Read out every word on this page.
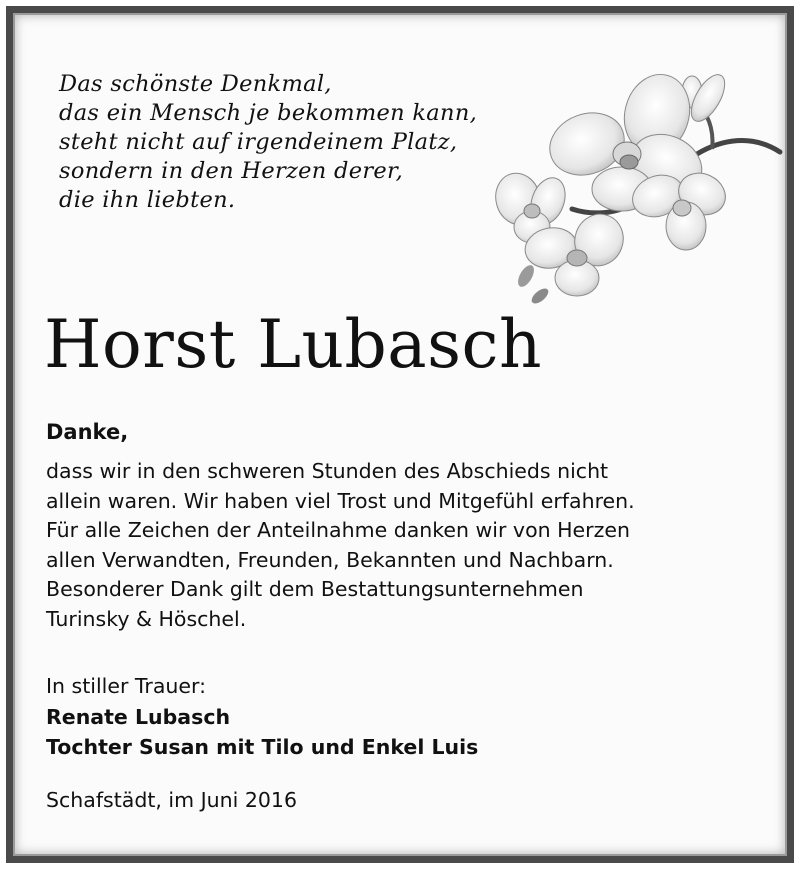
Das schönste Denkmal,
das ein Mensch je bekommen kann,
steht nicht auf irgendeinem Platz,
sondern in den Herzen derer,
die ihn liebten.
Horst Lubasch
Danke,
dass wir in den schweren Stunden des Abschieds nicht
allein waren. Wir haben viel Trost und Mitgefühl erfahren.
Für alle Zeichen der Anteilnahme danken wir von Herzen
allen Verwandten, Freunden, Bekannten und Nachbarn.
Besonderer Dank gilt dem Bestattungsunternehmen
Turinsky & Höschel.
In stiller Trauer:
Renate Lubasch
Tochter Susan mit Tilo und Enkel Luis
Schafstädt, im Juni 2016
